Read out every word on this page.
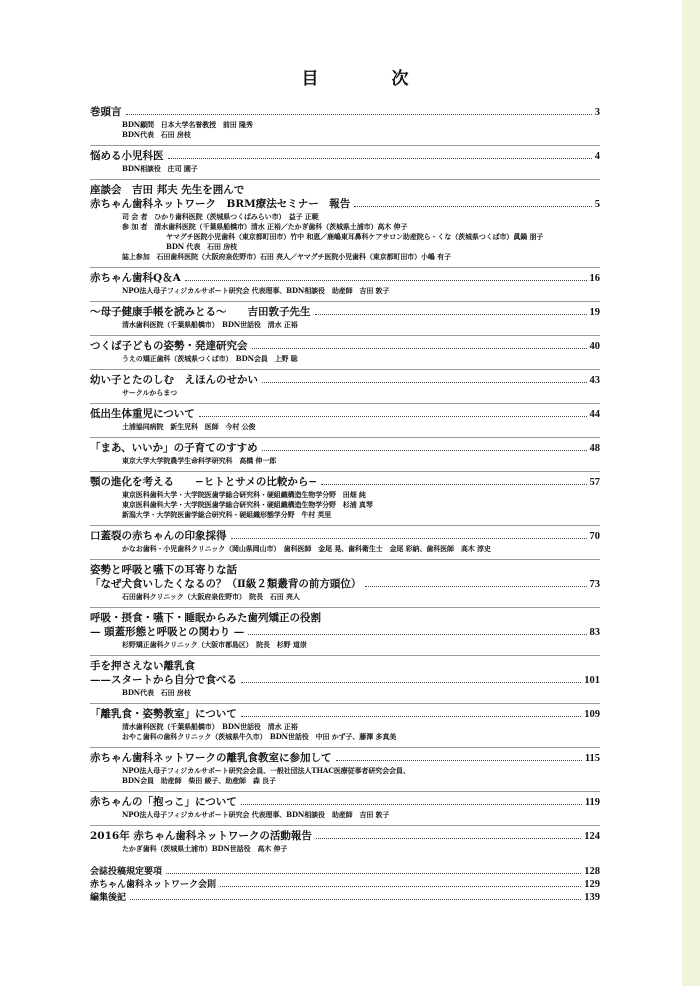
目　次
巻頭言	3
BDN顧問　日本大学名誉教授　前田 隆秀
BDN代表　石田 房枝
悩める小児科医	4
BDN相談役　庄司 園子
座談会　吉田 邦夫 先生を囲んで
赤ちゃん歯科ネットワーク　BRM療法セミナー　報告	5
司 会 者　ひかり歯科医院（茨城県つくばみらい市）　益子 正範
参 加 者　清水歯科医院（千葉県船橋市）清水 正裕／たかぎ歯科（茨城県土浦市）高木 伸子
ヤマグチ医院小児歯科（東京都町田市）竹中 和恵／鹿嶋東耳鼻科ケアサロン助産院ら・くな（茨城県つくば市）眞鍋 朋子
BDN 代表　石田 房枝
誌上参加　石田歯科医院（大阪府泉佐野市）石田 亮人／ヤマグチ医院小児歯科（東京都町田市）小嶋 有子
赤ちゃん歯科Q＆A	16
NPO法人母子フィジカルサポート研究会 代表理事、BDN相談役　助産師　吉田 敦子
〜母子健康手帳を読みとる〜　　吉田敦子先生	19
清水歯科医院（千葉県船橋市）　BDN世話役　清水 正裕
つくば子どもの姿勢・発達研究会	40
うえの矯正歯科（茨城県つくば市）　BDN会員　上野 聡
幼い子とたのしむ　えほんのせかい	43
サークルからまつ
低出生体重児について	44
土浦協同病院　新生児科　医師　今村 公俊
「まあ、いいか」の子育てのすすめ	48
東京大学大学院農学生命科学研究科　高橋 伸一郎
顎の進化を考える　　−ヒトとサメの比較から−	57
東京医科歯科大学・大学院医歯学総合研究科・硬組織構造生物学分野　田畑 純
東京医科歯科大学・大学院医歯学総合研究科・硬組織構造生物学分野　杉浦 真琴
新潟大学・大学院医歯学総合研究科・硬組織形態学分野　牛村 英里
口蓋裂の赤ちゃんの印象採得	70
かなお歯科・小児歯科クリニック（岡山県岡山市）　歯科医師　金尾 晃、歯科衛生士　金尾 彩納、歯科医師　高木 淳史
姿勢と呼吸と嚥下の耳寄りな話
「なぜ犬食いしたくなるの？（Ⅱ級２類叢背の前方頭位）	73
石田歯科クリニック（大阪府泉佐野市）　院長　石田 亮人
呼吸・摂食・嚥下・睡眠からみた歯列矯正の役割
— 頭蓋形態と呼吸との関わり —	83
杉野矯正歯科クリニック（大阪市都島区）　院長　杉野 道崇
手を押さえない離乳食
——スタートから自分で食べる	101
BDN代表　石田 房枝
「離乳食・姿勢教室」について	109
清水歯科医院（千葉県船橋市）　BDN世話役　清水 正裕
おやこ歯科の歯科クリニック（茨城県牛久市）　BDN世話役　中田 かず子、藤澤 多真美
赤ちゃん歯科ネットワークの離乳食教室に参加して	115
NPO法人母子フィジカルサポート研究会会員、一般社団法人THAC医療従事者研究会会員、
BDN会員　助産師　柴田 綾子、助産師　森 良子
赤ちゃんの「抱っこ」について	119
NPO法人母子フィジカルサポート研究会 代表理事、BDN相談役　助産師　吉田 敦子
2016年 赤ちゃん歯科ネットワークの活動報告	124
たかぎ歯科（茨城県土浦市）BDN世話役　高木 伸子
会誌投稿規定要項	128
赤ちゃん歯科ネットワーク会則	129
編集後記	139
